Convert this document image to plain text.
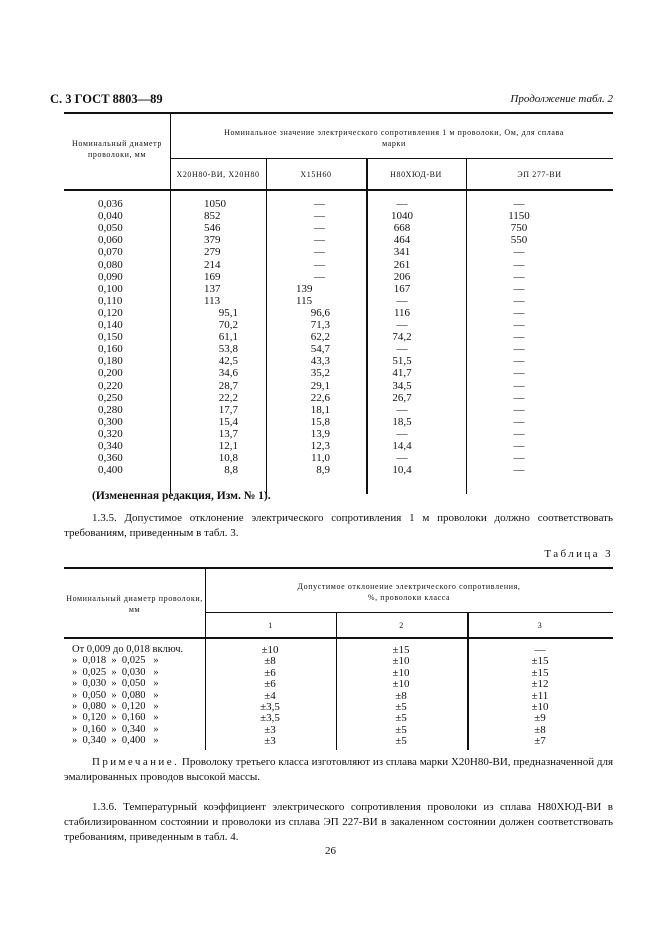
С. 3 ГОСТ 8803—89	Продолжение табл. 2
Номинальный диаметр проволоки, мм
Номинальное значение электрического сопротивления 1 м проволоки, Ом, для сплава марки
Х20Н80-ВИ, Х20Н80	Х15Н60	Н80ХЮД-ВИ	ЭП 277-ВИ
0,036	1050	—	—	—
0,040	852	—	1040	1150
0,050	546	—	668	750
0,060	379	—	464	550
0,070	279	—	341	—
0,080	214	—	261	—
0,090	169	—	206	—
0,100	137	139	167	—
0,110	113	115	—	—
0,120	95,1	96,6	116	—
0,140	70,2	71,3	—	—
0,150	61,1	62,2	74,2	—
0,160	53,8	54,7	—	—
0,180	42,5	43,3	51,5	—
0,200	34,6	35,2	41,7	—
0,220	28,7	29,1	34,5	—
0,250	22,2	22,6	26,7	—
0,280	17,7	18,1	—	—
0,300	15,4	15,8	18,5	—
0,320	13,7	13,9	—	—
0,340	12,1	12,3	14,4	—
0,360	10,8	11,0	—	—
0,400	8,8	8,9	10,4	—
(Измененная редакция, Изм. № 1).
1.3.5. Допустимое отклонение электрического сопротивления 1 м проволоки должно соответствовать требованиям, приведенным в табл. 3.
Таблица 3
Номинальный диаметр проволоки, мм
Допустимое отклонение электрического сопротивления, %, проволоки класса
1	2	3
От 0,009 до 0,018 включ.	±10	±15	—
»  0,018  »  0,025   »	±8	±10	±15
»  0,025  »  0,030   »	±6	±10	±15
»  0,030  »  0,050   »	±6	±10	±12
»  0,050  »  0,080   »	±4	±8	±11
»  0,080  »  0,120   »	±3,5	±5	±10
»  0,120  »  0,160   »	±3,5	±5	±9
»  0,160  »  0,340   »	±3	±5	±8
»  0,340  »  0,400   »	±3	±5	±7
Примечание. Проволоку третьего класса изготовляют из сплава марки Х20Н80-ВИ, предназначенной для эмалированных проводов высокой массы.
1.3.6. Температурный коэффициент электрического сопротивления проволоки из сплава Н80ХЮД-ВИ в стабилизированном состоянии и проволоки из сплава ЭП 227-ВИ в закаленном состоянии должен соответствовать требованиям, приведенным в табл. 4.
26
